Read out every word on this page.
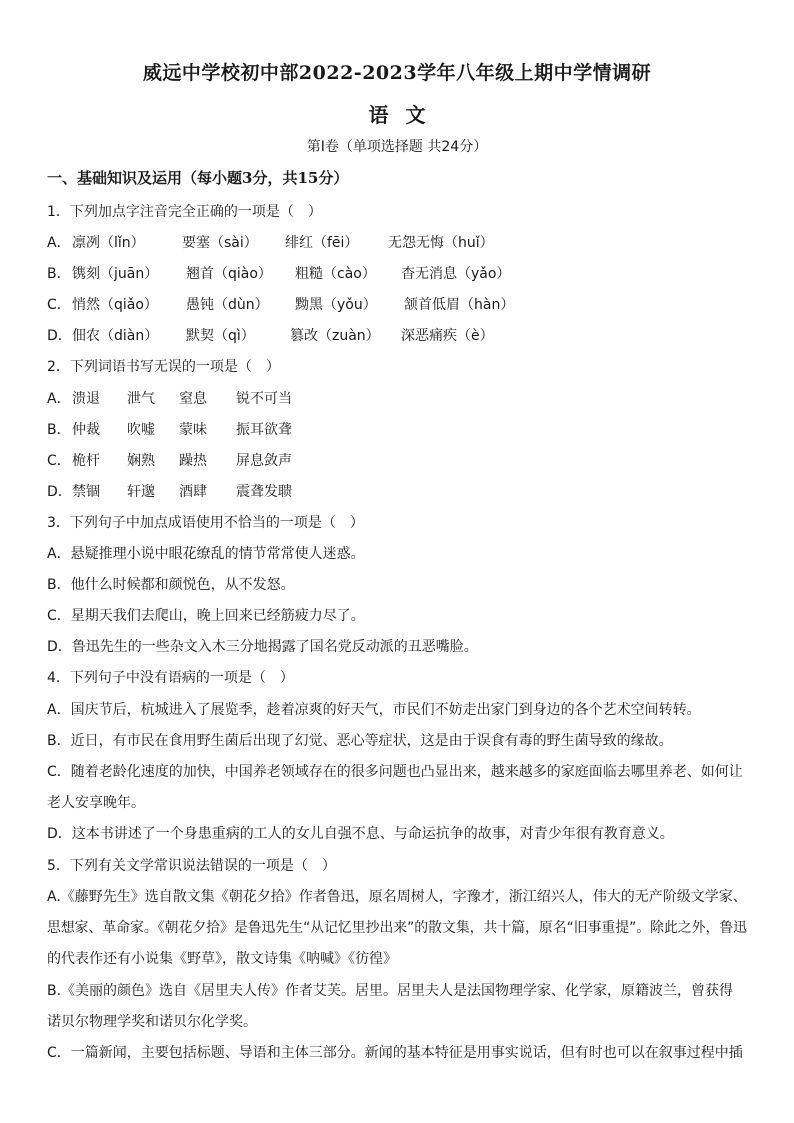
威远中学校初中部2022-2023学年八年级上期中学情调研
语 文
第I卷（单项选择题 共24分）
一、基础知识及运用（每小题3分，共15分）
1．下列加点字注音完全正确的一项是（　）
A． 凛冽（lǐn）	要塞（sài） 绯红（fēi） 无怨无悔（huǐ）
B． 镌刻（juān） 翘首（qiào） 粗糙（cào） 杳无消息（yǎo）
C． 悄然（qiǎo） 愚钝（dùn） 黝黑（yǒu） 颔首低眉（hàn）
D． 佃农（diàn） 默契（qì）	篡改（zuàn） 深恶痛疾（è）
2．下列词语书写无误的一项是（　）
A． 溃退 泄气 窒息 锐不可当
B． 仲裁 吹嘘 蒙味 振耳欲聋
C． 桅杆 娴熟 躁热 屏息敛声
D． 禁锢 轩邈 酒肆 震聋发聩
3．下列句子中加点成语使用不恰当的一项是（　）
A．悬疑推理小说中眼花缭乱的情节常常使人迷惑。
B．他什么时候都和颜悦色，从不发怒。
C．星期天我们去爬山，晚上回来已经筋疲力尽了。
D．鲁迅先生的一些杂文入木三分地揭露了国名党反动派的丑恶嘴脸。
4．下列句子中没有语病的一项是（　）
A．国庆节后，杭城进入了展览季，趁着凉爽的好天气，市民们不妨走出家门到身边的各个艺术空间转转。
B．近日，有市民在食用野生菌后出现了幻觉、恶心等症状，这是由于误食有毒的野生菌导致的缘故。
C．随着老龄化速度的加快，中国养老领域存在的很多问题也凸显出来，越来越多的家庭面临去哪里养老、如何让
老人安享晚年。
D．这本书讲述了一个身患重病的工人的女儿自强不息、与命运抗争的故事，对青少年很有教育意义。
5．下列有关文学常识说法错误的一项是（　）
A.《藤野先生》选自散文集《朝花夕拾》作者鲁迅，原名周树人，字豫才，浙江绍兴人，伟大的无产阶级文学家、
思想家、革命家。《朝花夕拾》是鲁迅先生“从记忆里抄出来”的散文集，共十篇，原名“旧事重提”。除此之外，鲁迅
的代表作还有小说集《野草》，散文诗集《呐喊》《彷徨》
B.《美丽的颜色》选自《居里夫人传》作者艾芙。居里。居里夫人是法国物理学家、化学家，原籍波兰，曾获得
诺贝尔物理学奖和诺贝尔化学奖。
C．一篇新闻，主要包括标题、导语和主体三部分。新闻的基本特征是用事实说话，但有时也可以在叙事过程中插
